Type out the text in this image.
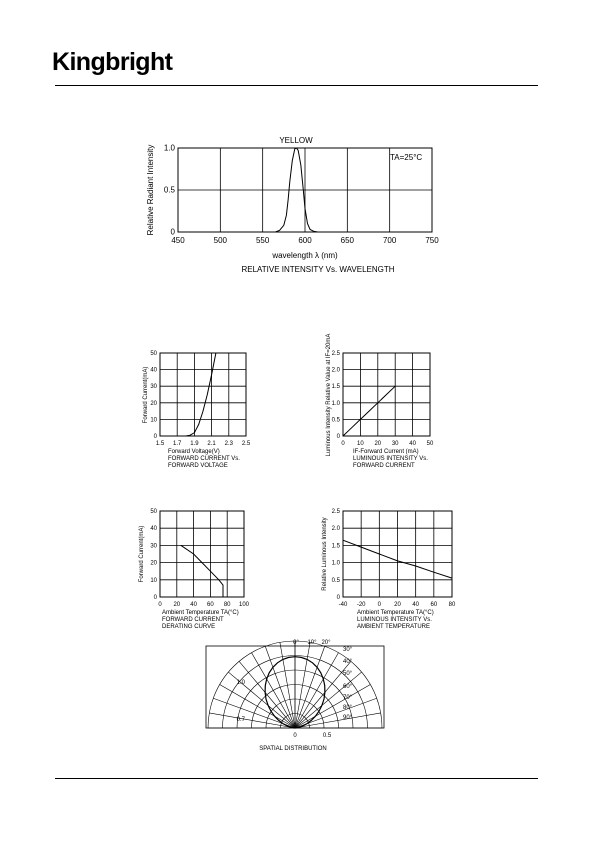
Kingbright
450	500	550	600	650	700	750
0
0.5
1.0
YELLOW
TA=25°C
Relative Radiant Intensity
wavelength λ (nm)
RELATIVE INTENSITY Vs. WAVELENGTH
1.5 1.7 1.9 2.1 2.3 2.5
0
10
20
30
40
50
Forward Current(mA)
Forward Voltage(V)
FORWARD CURRENT Vs.
FORWARD VOLTAGE
0 10 20 30 40 50
0
0.5
1.0
1.5
2.0
2.5
Luminous Intensity Relative Value at IF=20mA	IF-Forward Current (mA)
LUMINOUS INTENSITY Vs.
FORWARD CURRENT
0 20 40 60 80 100
0
10
20
30
40
50
Forward Current(mA)
Ambient Temperature TA(°C)
FORWARD CURRENT
DERATING CURVE
-40 -20 0 20 40 60 80
0
0.5
1.0
1.5
2.0
2.5
Relative Luminous Intensity
Ambient Temperature TA(°C)
LUMINOUS INTENSITY Vs.
AMBIENT TEMPERATURE
0° 10° 20°
30°
40°
50°
60°
70°
80°
90°
1.0
0.7
0	0.5
SPATIAL DISTRIBUTION
